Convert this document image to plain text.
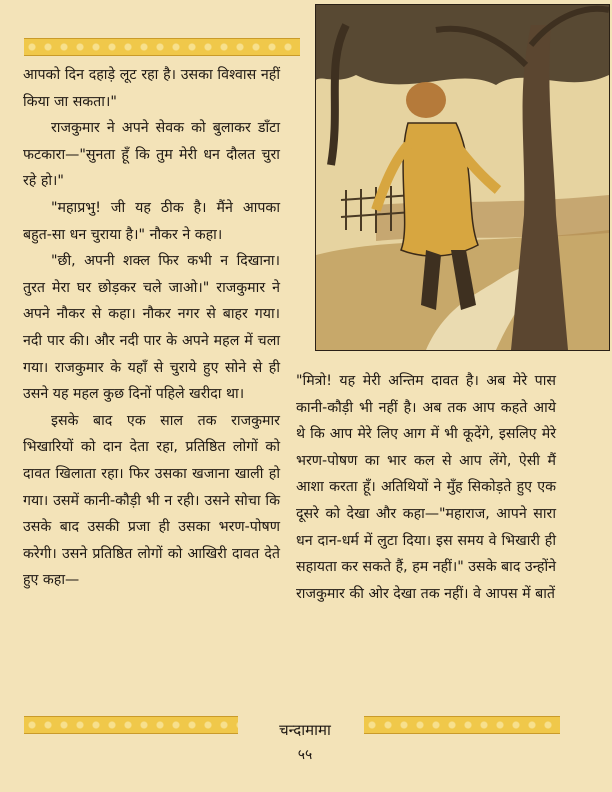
आपको दिन दहाड़े लूट रहा है। उसका विश्वास नहीं किया जा सकता।"

राजकुमार ने अपने सेवक को बुलाकर डाँटा फटकारा—"सुनता हूँ कि तुम मेरी धन दौलत चुरा रहे हो।"

"महाप्रभु! जी यह ठीक है। मैंने आपका बहुत-सा धन चुराया है।" नौकर ने कहा।

"छी, अपनी शक्ल फिर कभी न दिखाना। तुरत मेरा घर छोड़कर चले जाओ।" राजकुमार ने अपने नौकर से कहा। नौकर नगर से बाहर गया। नदी पार की। और नदी पार के अपने महल में चला गया। राजकुमार के यहाँ से चुराये हुए सोने से ही उसने यह महल कुछ दिनों पहिले खरीदा था।

इसके बाद एक साल तक राजकुमार भिखारियों को दान देता रहा, प्रतिष्ठित लोगों को दावत खिलाता रहा। फिर उसका खजाना खाली हो गया। उसमें कानी-कौड़ी भी न रही। उसने सोचा कि उसके बाद उसकी प्रजा ही उसका भरण-पोषण करेगी। उसने प्रतिष्ठित लोगों को आखिरी दावत देते हुए कहा—

"मित्रो! यह मेरी अन्तिम दावत है। अब मेरे पास कानी-कौड़ी भी नहीं है। अब तक आप कहते आये थे कि आप मेरे लिए आग में भी कूदेंगे, इसलिए मेरे भरण-पोषण का भार कल से आप लेंगे, ऐसी मैं आशा करता हूँ। अतिथियों ने मुँह सिकोड़ते हुए एक दूसरे को देखा और कहा—"महाराज, आपने सारा धन दान-धर्म में लुटा दिया। इस समय वे भिखारी ही सहायता कर सकते हैं, हम नहीं।" उसके बाद उन्होंने राजकुमार की ओर देखा तक नहीं। वे आपस में बातें

चन्दामामा
५५
